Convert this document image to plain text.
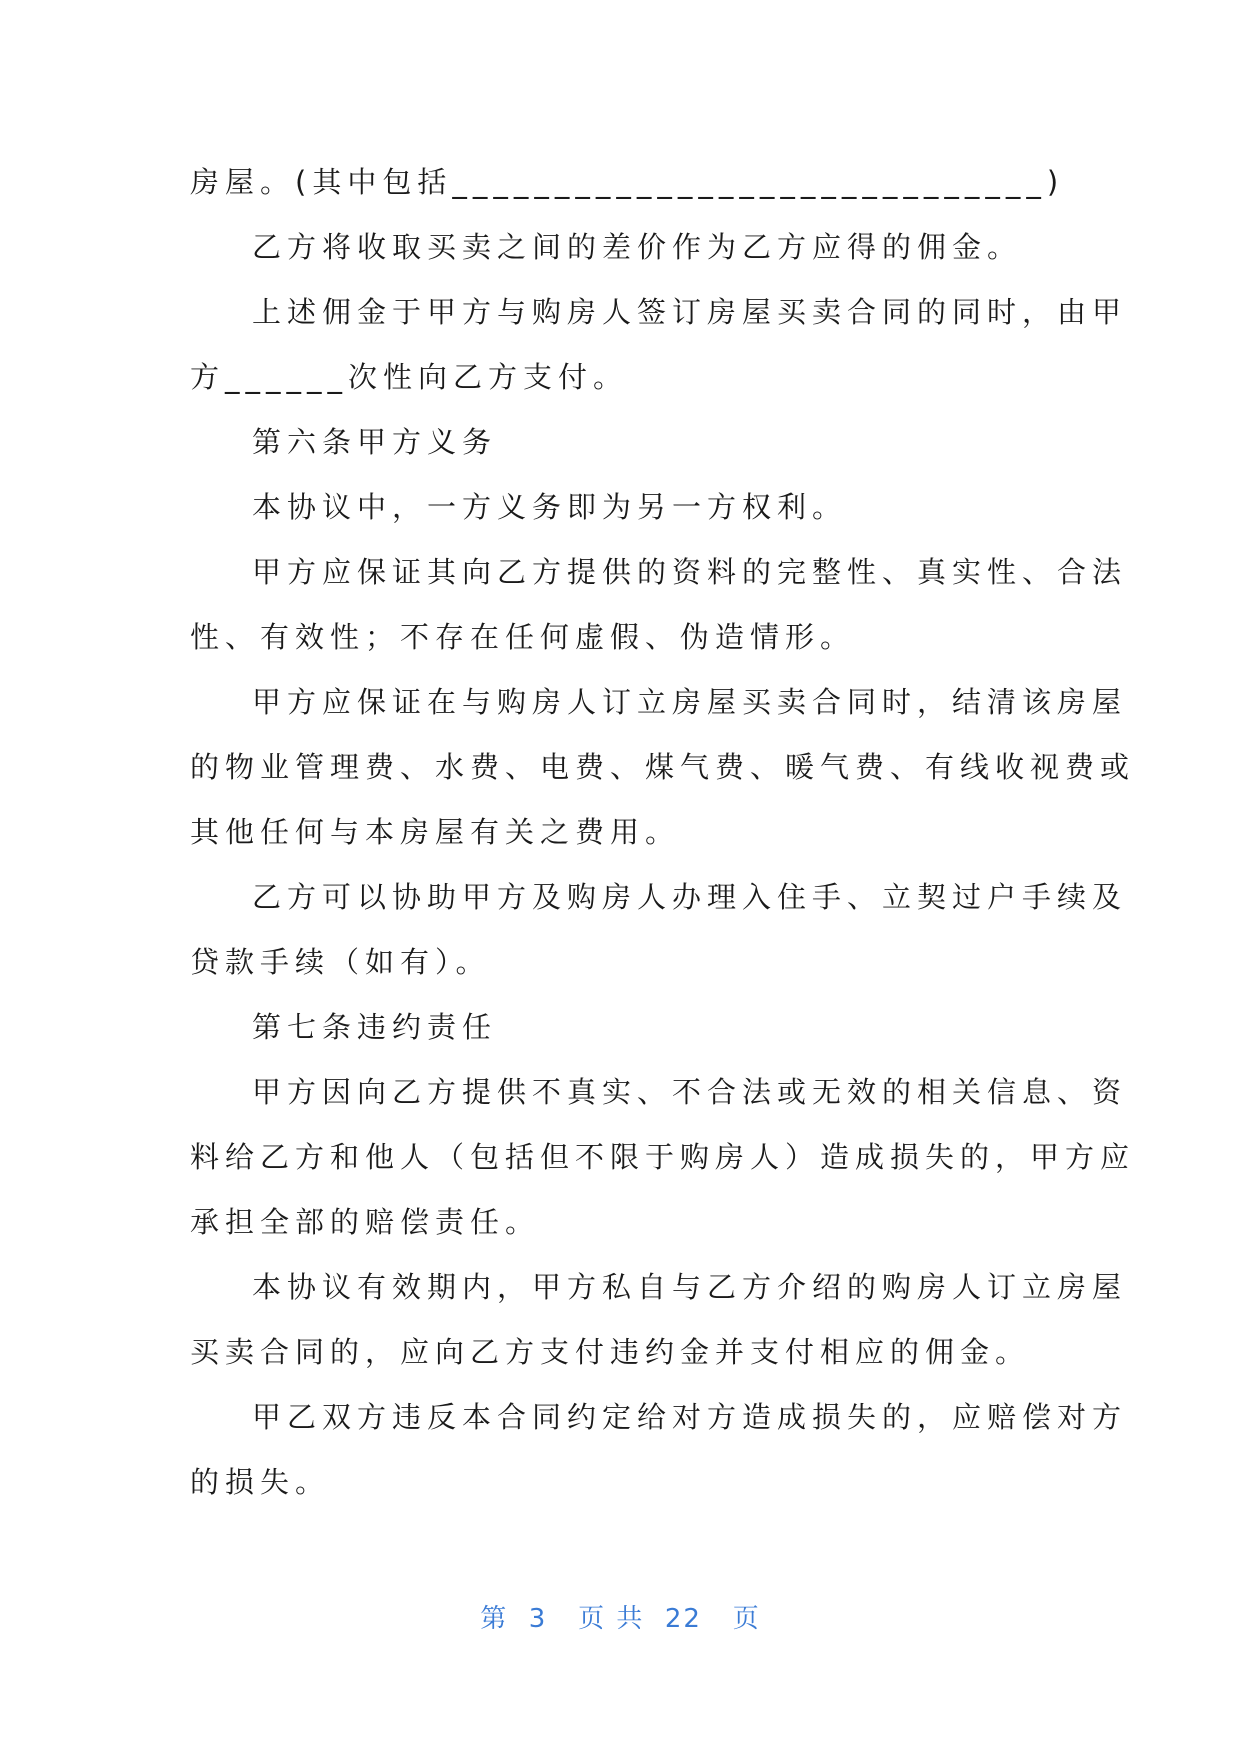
房屋。(其中包括_____________________________)

乙方将收取买卖之间的差价作为乙方应得的佣金。

上述佣金于甲方与购房人签订房屋买卖合同的同时，由甲

方______次性向乙方支付。

第六条甲方义务

本协议中，一方义务即为另一方权利。

甲方应保证其向乙方提供的资料的完整性、真实性、合法

性、有效性；不存在任何虚假、伪造情形。

甲方应保证在与购房人订立房屋买卖合同时，结清该房屋

的物业管理费、水费、电费、煤气费、暖气费、有线收视费或

其他任何与本房屋有关之费用。

乙方可以协助甲方及购房人办理入住手、立契过户手续及

贷款手续（如有）。

第七条违约责任

甲方因向乙方提供不真实、不合法或无效的相关信息、资

料给乙方和他人（包括但不限于购房人）造成损失的，甲方应

承担全部的赔偿责任。

本协议有效期内，甲方私自与乙方介绍的购房人订立房屋

买卖合同的，应向乙方支付违约金并支付相应的佣金。

甲乙双方违反本合同约定给对方造成损失的，应赔偿对方

的损失。

第  3   页 共  22   页
